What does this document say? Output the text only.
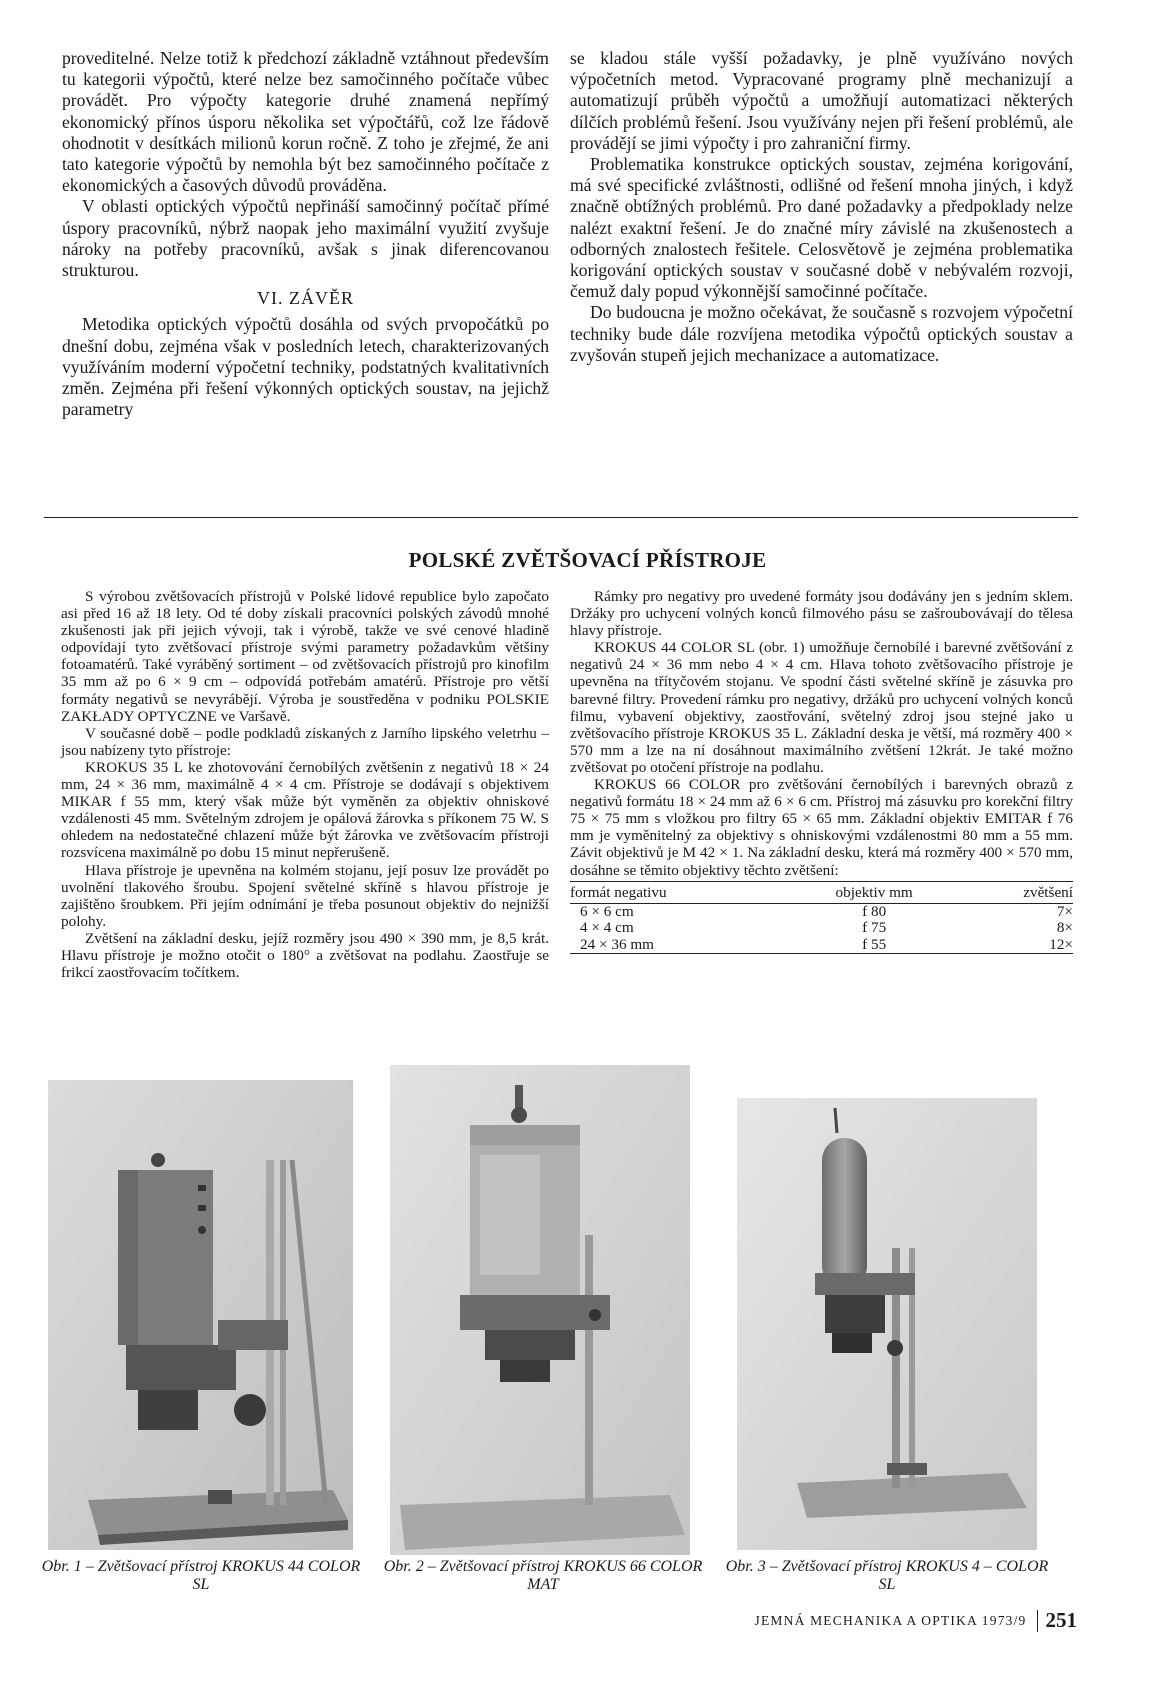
proveditelné. Nelze totiž k předchozí základně vztáhnout především tu kategorii výpočtů, které nelze bez samočinného počítače vůbec provádět. Pro výpočty kategorie druhé znamená nepřímý ekonomický přínos úsporu několika set výpočtářů, což lze řádově ohodnotit v desítkách milionů korun ročně. Z toho je zřejmé, že ani tato kategorie výpočtů by nemohla být bez samočinného počítače z ekonomických a časových důvodů prováděna.

V oblasti optických výpočtů nepřináší samočinný počítač přímé úspory pracovníků, nýbrž naopak jeho maximální využití zvyšuje nároky na potřeby pracovníků, avšak s jinak diferencovanou strukturou.

VI. ZÁVĚR

Metodika optických výpočtů dosáhla od svých prvopočátků po dnešní dobu, zejména však v posledních letech, charakterizovaných využíváním moderní výpočetní techniky, podstatných kvalitativních změn. Zejména při řešení výkonných optických soustav, na jejichž parametry

se kladou stále vyšší požadavky, je plně využíváno nových výpočetních metod. Vypracované programy plně mechanizují a automatizují průběh výpočtů a umožňují automatizaci některých dílčích problémů řešení. Jsou využívány nejen při řešení problémů, ale provádějí se jimi výpočty i pro zahraniční firmy.

Problematika konstrukce optických soustav, zejména korigování, má své specifické zvláštnosti, odlišné od řešení mnoha jiných, i když značně obtížných problémů. Pro dané požadavky a předpoklady nelze nalézt exaktní řešení. Je do značné míry závislé na zkušenostech a odborných znalostech řešitele. Celosvětově je zejména problematika korigování optických soustav v současné době v nebývalém rozvoji, čemuž daly popud výkonnější samočinné počítače.

Do budoucna je možno očekávat, že současně s rozvojem výpočetní techniky bude dále rozvíjena metodika výpočtů optických soustav a zvyšován stupeň jejich mechanizace a automatizace.

POLSKÉ ZVĚTŠOVACÍ PŘÍSTROJE

S výrobou zvětšovacích přístrojů v Polské lidové republice bylo započato asi před 16 až 18 lety. Od té doby získali pracovníci polských závodů mnohé zkušenosti jak při jejich vývoji, tak i výrobě, takže ve své cenové hladině odpovídají tyto zvětšovací přístroje svými parametry požadavkům většiny fotoamatérů. Také vyráběný sortiment – od zvětšovacích přístrojů pro kinofilm 35 mm až po 6 × 9 cm – odpovídá potřebám amatérů. Přístroje pro větší formáty negativů se nevyrábějí. Výroba je soustředěna v podniku POLSKIE ZAKŁADY OPTYCZNE ve Varšavě.

V současné době – podle podkladů získaných z Jarního lipského veletrhu – jsou nabízeny tyto přístroje:

KROKUS 35 L ke zhotovování černobílých zvětšenin z negativů 18 × 24 mm, 24 × 36 mm, maximálně 4 × 4 cm. Přístroje se dodávají s objektivem MIKAR f 55 mm, který však může být vyměněn za objektiv ohniskové vzdálenosti 45 mm. Světelným zdrojem je opálová žárovka s příkonem 75 W. S ohledem na nedostatečné chlazení může být žárovka ve zvětšovacím přístroji rozsvícena maximálně po dobu 15 minut nepřerušeně.

Hlava přístroje je upevněna na kolmém stojanu, její posuv lze provádět po uvolnění tlakového šroubu. Spojení světelné skříně s hlavou přístroje je zajištěno šroubkem. Při jejím odnímání je třeba posunout objektiv do nejnižší polohy.

Zvětšení na základní desku, jejíž rozměry jsou 490 × 390 mm, je 8,5 krát. Hlavu přístroje je možno otočit o 180° a zvětšovat na podlahu. Zaostřuje se frikcí zaostřovacím točítkem.

Rámky pro negativy pro uvedené formáty jsou dodávány jen s jedním sklem. Držáky pro uchycení volných konců filmového pásu se zašroubovávají do tělesa hlavy přístroje.

KROKUS 44 COLOR SL (obr. 1) umožňuje černobílé i barevné zvětšování z negativů 24 × 36 mm nebo 4 × 4 cm. Hlava tohoto zvětšovacího přístroje je upevněna na třítyčovém stojanu. Ve spodní části světelné skříně je zásuvka pro barevné filtry. Provedení rámku pro negativy, držáků pro uchycení volných konců filmu, vybavení objektivy, zaostřování, světelný zdroj jsou stejné jako u zvětšovacího přístroje KROKUS 35 L. Základní deska je větší, má rozměry 400 × 570 mm a lze na ní dosáhnout maximálního zvětšení 12krát. Je také možno zvětšovat po otočení přístroje na podlahu.

KROKUS 66 COLOR pro zvětšování černobílých i barevných obrazů z negativů formátu 18 × 24 mm až 6 × 6 cm. Přístroj má zásuvku pro korekční filtry 75 × 75 mm s vložkou pro filtry 65 × 65 mm. Základní objektiv EMITAR f 76 mm je vyměnitelný za objektivy s ohniskovými vzdálenostmi 80 mm a 55 mm. Závit objektivů je M 42 × 1. Na základní desku, která má rozměry 400 × 570 mm, dosáhne se těmito objektivy těchto zvětšení:

formát negativu	objektiv mm	zvětšení
6 × 6 cm	f 80	7×
4 × 4 cm	f 75	8×
24 × 36 mm	f 55	12×
Obr. 1 – Zvětšovací přístroj KROKUS 44 COLOR SL
Obr. 2 – Zvětšovací přístroj KROKUS 66 COLOR MAT
Obr. 3 – Zvětšovací přístroj KROKUS 4 – COLOR SL
JEMNÁ MECHANIKA A OPTIKA 1973/9 251
